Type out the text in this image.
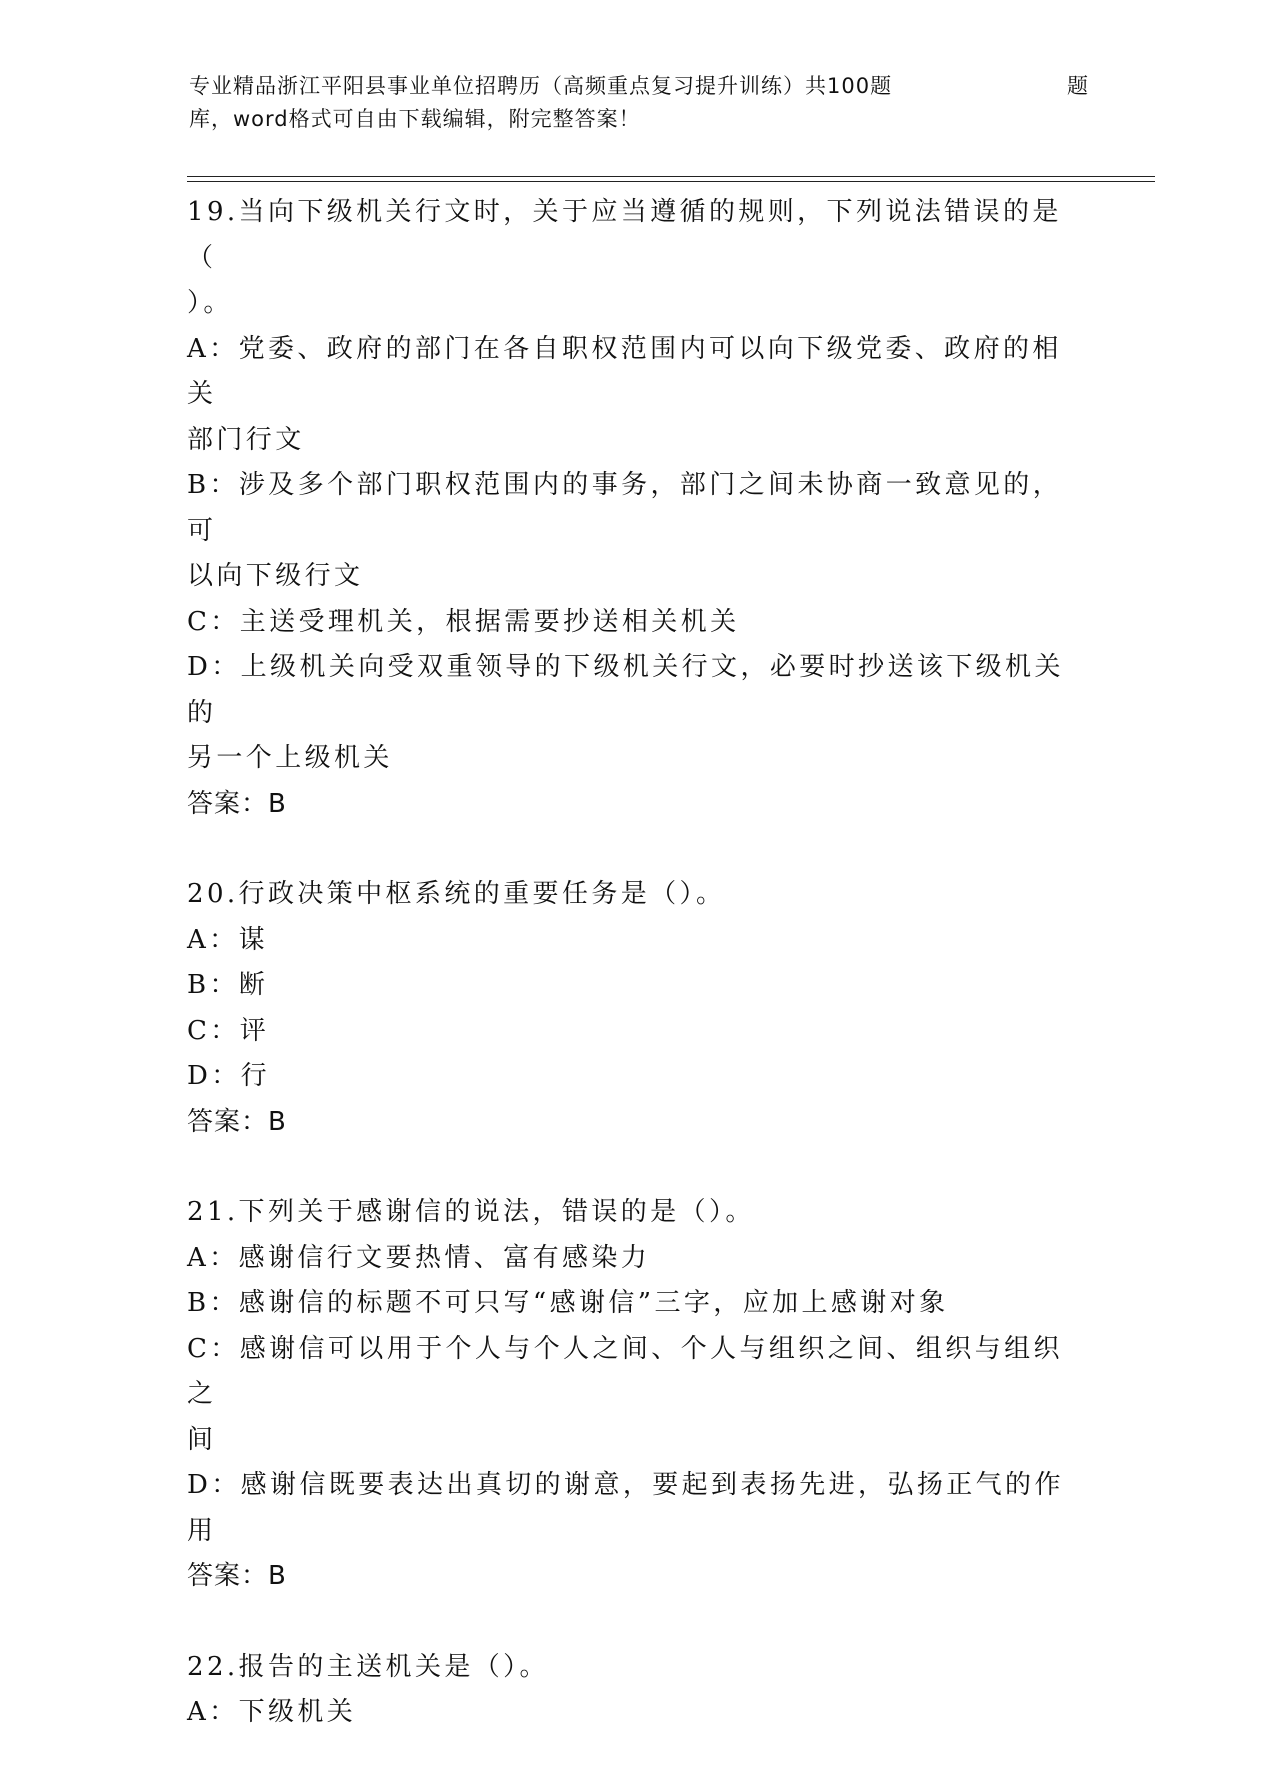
专业精品浙江平阳县事业单位招聘历（高频重点复习提升训练）共100题	题
库，word格式可自由下载编辑，附完整答案！
19.当向下级机关行文时，关于应当遵循的规则，下列说法错误的是（
）。
A：党委、政府的部门在各自职权范围内可以向下级党委、政府的相关
部门行文
B：涉及多个部门职权范围内的事务，部门之间未协商一致意见的，可
以向下级行文
C：主送受理机关，根据需要抄送相关机关
D：上级机关向受双重领导的下级机关行文，必要时抄送该下级机关的
另一个上级机关
答案：B
20.行政决策中枢系统的重要任务是（）。
A：谋
B：断
C：评
D：行
答案：B
21.下列关于感谢信的说法，错误的是（）。
A：感谢信行文要热情、富有感染力
B：感谢信的标题不可只写“感谢信”三字，应加上感谢对象
C：感谢信可以用于个人与个人之间、个人与组织之间、组织与组织之
间
D：感谢信既要表达出真切的谢意，要起到表扬先进，弘扬正气的作用
答案：B
22.报告的主送机关是（）。
A：下级机关
